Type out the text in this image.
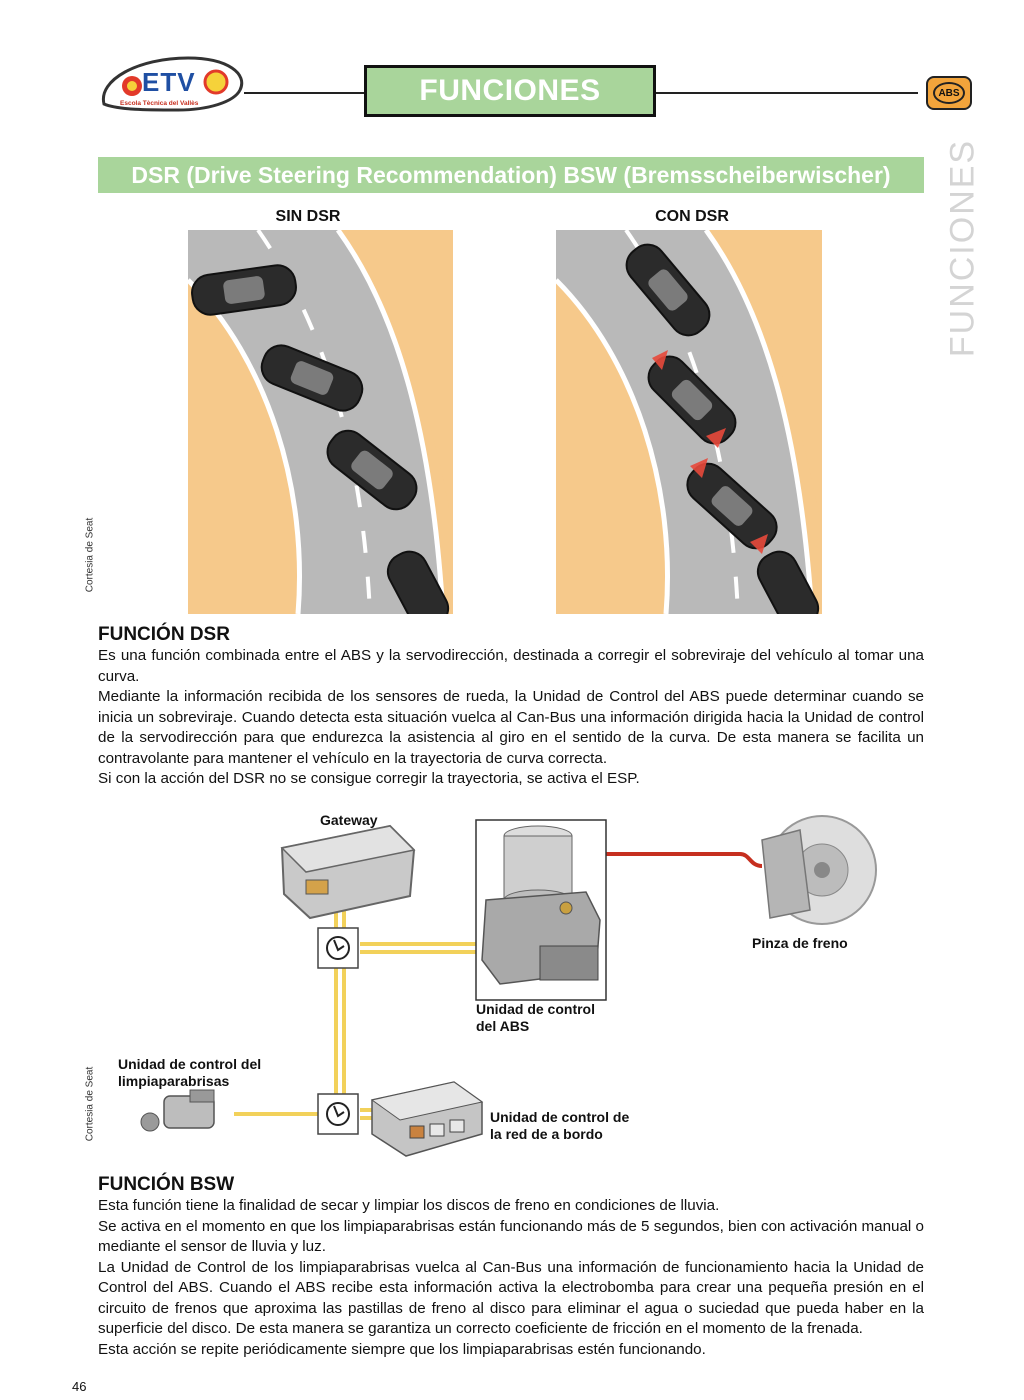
ETV
Escola Tècnica del Vallès	FUNCIONES	ABS
FUNCIONES
DSR (Drive Steering Recommendation) BSW (Bremsscheiberwischer)
SIN DSR	CON DSR
Cortesia de Seat
FUNCIÓN DSR

Es una función combinada entre el ABS y la servodirección, destinada a corregir el sobreviraje del vehículo al tomar una curva.

Mediante la información recibida de los sensores de rueda, la Unidad de Control del ABS puede determinar cuando se inicia un sobreviraje. Cuando detecta esta situación vuelca al Can-Bus una información dirigida hacia la Unidad de control de la servodirección para que endurezca la asistencia al giro en el sentido de la curva. De esta manera se facilita un contravolante para mantener el vehículo en la trayectoria de curva correcta.

Si con la acción del DSR no se consigue corregir la trayectoria, se activa el ESP.

Gateway
Pinza de freno
Unidad de control
del ABS
Unidad de control del
limpiaparabrisas
Unidad de control de
la red de a bordo
Cortesia de Seat
FUNCIÓN BSW

Esta función tiene la finalidad de secar y limpiar los discos de freno en condiciones de lluvia.

Se activa en el momento en que los limpiaparabrisas están funcionando más de 5 segundos, bien con activación manual o mediante el sensor de lluvia y luz.

La Unidad de Control de los limpiaparabrisas vuelca al Can-Bus una información de funcionamiento hacia la Unidad de Control del ABS. Cuando el ABS recibe esta información activa la electrobomba para crear una pequeña presión en el circuito de frenos que aproxima las pastillas de freno al disco para eliminar el agua o suciedad que pueda haber en la superficie del disco. De esta manera se garantiza un correcto coeficiente de fricción en el momento de la frenada.

Esta acción se repite periódicamente siempre que los limpiaparabrisas estén funcionando.

46
